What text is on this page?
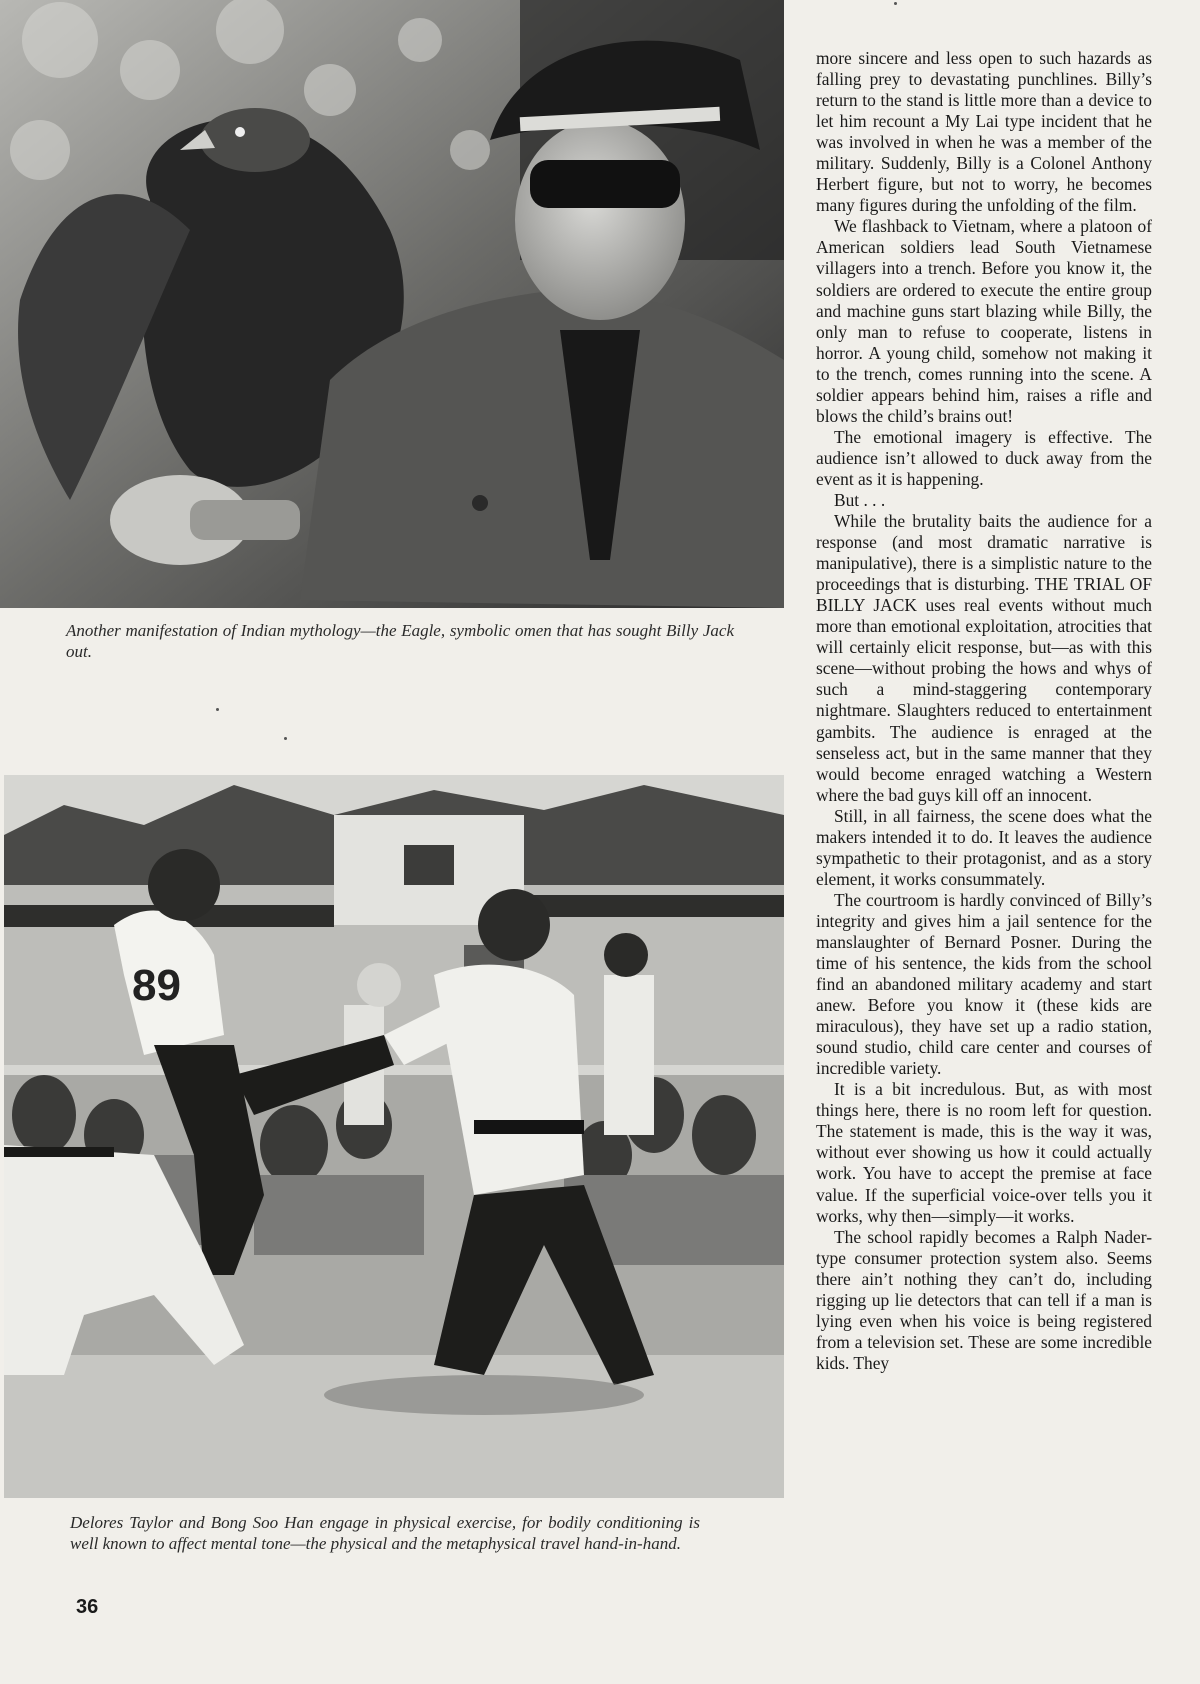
Another manifestation of Indian mythology—the Eagle, symbolic omen that has sought Billy Jack out.
89
Delores Taylor and Bong Soo Han engage in physical exercise, for bodily conditioning is well known to affect mental tone—the physical and the metaphysical travel hand-in-hand.
36

more sincere and less open to such hazards as falling prey to devastating punchlines. Billy’s return to the stand is little more than a device to let him recount a My Lai type incident that he was involved in when he was a member of the military. Suddenly, Billy is a Colonel Anthony Herbert figure, but not to worry, he becomes many figures during the unfolding of the film.

We flashback to Vietnam, where a platoon of American soldiers lead South Vietnamese villagers into a trench. Before you know it, the soldiers are ordered to execute the entire group and machine guns start blazing while Billy, the only man to refuse to cooperate, listens in horror. A young child, somehow not making it to the trench, comes running into the scene. A soldier appears behind him, raises a rifle and blows the child’s brains out!

The emotional imagery is effective. The audience isn’t allowed to duck away from the event as it is happening.

But . . .

While the brutality baits the audience for a response (and most dramatic narrative is manipulative), there is a simplistic nature to the proceedings that is disturbing. THE TRIAL OF BILLY JACK uses real events without much more than emotional exploitation, atrocities that will certainly elicit response, but—as with this scene—without probing the hows and whys of such a mind-staggering contemporary nightmare. Slaughters reduced to entertainment gambits. The audience is enraged at the senseless act, but in the same manner that they would become enraged watching a Western where the bad guys kill off an innocent.

Still, in all fairness, the scene does what the makers intended it to do. It leaves the audience sympathetic to their protagonist, and as a story element, it works consummately.

The courtroom is hardly convinced of Billy’s integrity and gives him a jail sentence for the manslaughter of Bernard Posner. During the time of his sentence, the kids from the school find an abandoned military academy and start anew. Before you know it (these kids are miraculous), they have set up a radio station, sound studio, child care center and courses of incredible variety.

It is a bit incredulous. But, as with most things here, there is no room left for question. The statement is made, this is the way it was, without ever showing us how it could actually work. You have to accept the premise at face value. If the superficial voice-over tells you it works, why then—simply—it works.

The school rapidly becomes a Ralph Nader-type consumer protection system also. Seems there ain’t nothing they can’t do, including rigging up lie detectors that can tell if a man is lying even when his voice is being registered from a television set. These are some incredible kids. They
